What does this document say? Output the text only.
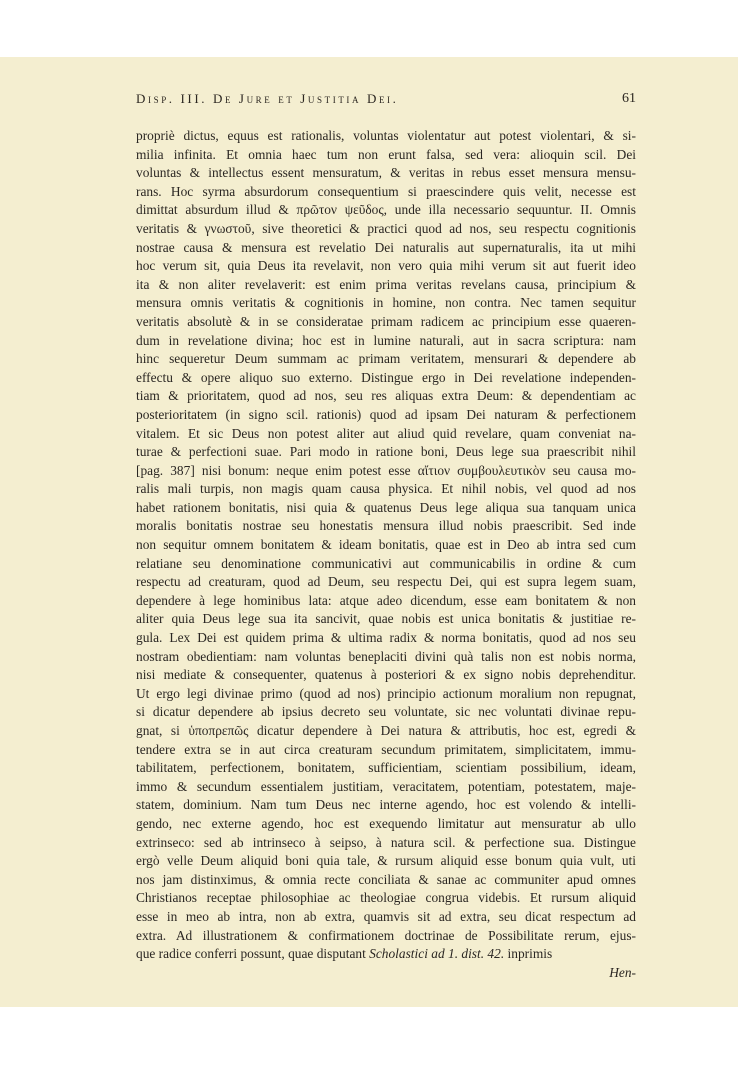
Disp. III. De Jure et Justitia Dei.	61
propriè dictus, equus est rationalis, voluntas violentatur aut potest violentari, & si-
milia infinita. Et omnia haec tum non erunt falsa, sed vera: alioquin scil. Dei
voluntas & intellectus essent mensuratum, & veritas in rebus esset mensura mensu-
rans. Hoc syrma absurdorum consequentium si praescindere quis velit, necesse est
dimittat absurdum illud & πρῶτον ψεῦδος, unde illa necessario sequuntur. II. Omnis
veritatis & γνωστοῦ, sive theoretici & practici quod ad nos, seu respectu cognitionis
nostrae causa & mensura est revelatio Dei naturalis aut supernaturalis, ita ut mihi
hoc verum sit, quia Deus ita revelavit, non vero quia mihi verum sit aut fuerit ideo
ita & non aliter revelaverit: est enim prima veritas revelans causa, principium &
mensura omnis veritatis & cognitionis in homine, non contra. Nec tamen sequitur
veritatis absolutè & in se consideratae primam radicem ac principium esse quaeren-
dum in revelatione divina; hoc est in lumine naturali, aut in sacra scriptura: nam
hinc sequeretur Deum summam ac primam veritatem, mensurari & dependere ab
effectu & opere aliquo suo externo. Distingue ergo in Dei revelatione independen-
tiam & prioritatem, quod ad nos, seu res aliquas extra Deum: & dependentiam ac
posterioritatem (in signo scil. rationis) quod ad ipsam Dei naturam & perfectionem
vitalem. Et sic Deus non potest aliter aut aliud quid revelare, quam conveniat na-
turae & perfectioni suae. Pari modo in ratione boni, Deus lege sua praescribit nihil
[pag. 387] nisi bonum: neque enim potest esse αἴτιον συμβουλευτικὸν seu causa mo-
ralis mali turpis, non magis quam causa physica. Et nihil nobis, vel quod ad nos
habet rationem bonitatis, nisi quia & quatenus Deus lege aliqua sua tanquam unica
moralis bonitatis nostrae seu honestatis mensura illud nobis praescribit. Sed inde
non sequitur omnem bonitatem & ideam bonitatis, quae est in Deo ab intra sed cum
relatiane seu denominatione communicativi aut communicabilis in ordine & cum
respectu ad creaturam, quod ad Deum, seu respectu Dei, qui est supra legem suam,
dependere à lege hominibus lata: atque adeo dicendum, esse eam bonitatem & non
aliter quia Deus lege sua ita sancivit, quae nobis est unica bonitatis & justitiae re-
gula. Lex Dei est quidem prima & ultima radix & norma bonitatis, quod ad nos seu
nostram obedientiam: nam voluntas beneplaciti divini quà talis non est nobis norma,
nisi mediate & consequenter, quatenus à posteriori & ex signo nobis deprehenditur.
Ut ergo legi divinae primo (quod ad nos) principio actionum moralium non repugnat,
si dicatur dependere ab ipsius decreto seu voluntate, sic nec voluntati divinae repu-
gnat, si ὑποπρεπῶς dicatur dependere à Dei natura & attributis, hoc est, egredi &
tendere extra se in aut circa creaturam secundum primitatem, simplicitatem, immu-
tabilitatem, perfectionem, bonitatem, sufficientiam, scientiam possibilium, ideam,
immo & secundum essentialem justitiam, veracitatem, potentiam, potestatem, maje-
statem, dominium. Nam tum Deus nec interne agendo, hoc est volendo & intelli-
gendo, nec externe agendo, hoc est exequendo limitatur aut mensuratur ab ullo
extrinseco: sed ab intrinseco à seipso, à natura scil. & perfectione sua. Distingue
ergò velle Deum aliquid boni quia tale, & rursum aliquid esse bonum quia vult, uti
nos jam distinximus, & omnia recte conciliata & sanae ac communiter apud omnes
Christianos receptae philosophiae ac theologiae congrua videbis. Et rursum aliquid
esse in meo ab intra, non ab extra, quamvis sit ad extra, seu dicat respectum ad
extra. Ad illustrationem & confirmationem doctrinae de Possibilitate rerum, ejus-
que radice conferri possunt, quae disputant Scholastici ad 1. dist. 42. inprimis
Hen-
